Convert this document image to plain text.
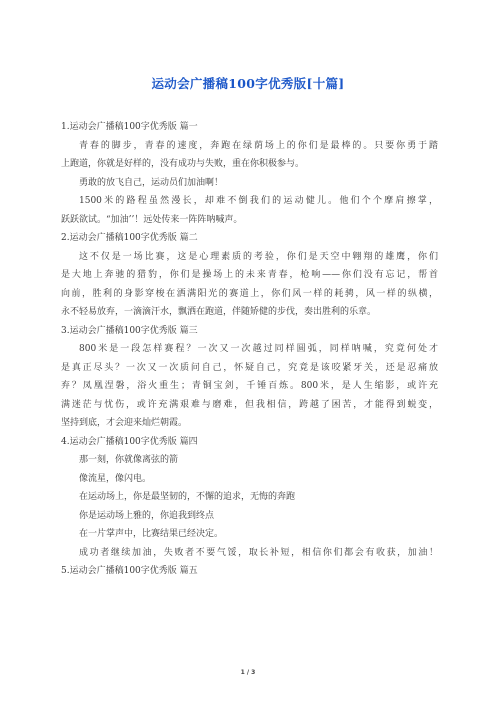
运动会广播稿100字优秀版[十篇]
1.运动会广播稿100字优秀版 篇一
青春的脚步，青春的速度，奔跑在绿荫场上的你们是最棒的。只要你勇于踏
上跑道，你就是好样的，没有成功与失败，重在你积极参与。
勇敢的放飞自己，运动员们加油啊！
1500米的路程虽然漫长，却难不倒我们的运动健儿。他们个个摩肩擦掌，
跃跃欲试。“加油’’！远处传来一阵阵呐喊声。
2.运动会广播稿100字优秀版 篇二
这不仅是一场比赛，这是心理素质的考验，你们是天空中翱翔的雄鹰，你们
是大地上奔驰的猎豹，你们是操场上的未来青春，枪响——你们没有忘记，帮首
向前，胜利的身影穿梭在洒满阳光的赛道上，你们风一样的耗骋，风一样的纵横，
永不轻易放弃，一滴滴汗水，飘洒在跑道，伴随矫健的步伐，奏出胜利的乐章。
3.运动会广播稿100字优秀版 篇三
800米是一段怎样赛程？一次又一次越过同样圆弧，同样呐喊，究竟何处才
是真正尽头？一次又一次质问自己，怀疑自己，究竟是该咬紧牙关，还是忍痛放
弃？凤凰涅磐，浴火重生；青铜宝剑，千锤百炼。800米，是人生缩影，或许充
满迷茫与忧伤，或许充满艰难与磨难，但我相信，跨越了困苦，才能得到蜕变，
坚持到底，才会迎来灿烂朝霞。
4.运动会广播稿100字优秀版 篇四
那一刻，你就像离弦的箭
像流星，像闪电。
在运动场上，你是最坚韧的，不懈的追求，无悔的奔跑
你是运动场上雅的，你追我到终点
在一片掌声中，比赛结果已经决定。
成功者继续加油，失败者不要气馁，取长补短，相信你们都会有收获，加油！
5.运动会广播稿100字优秀版 篇五
1 / 3
